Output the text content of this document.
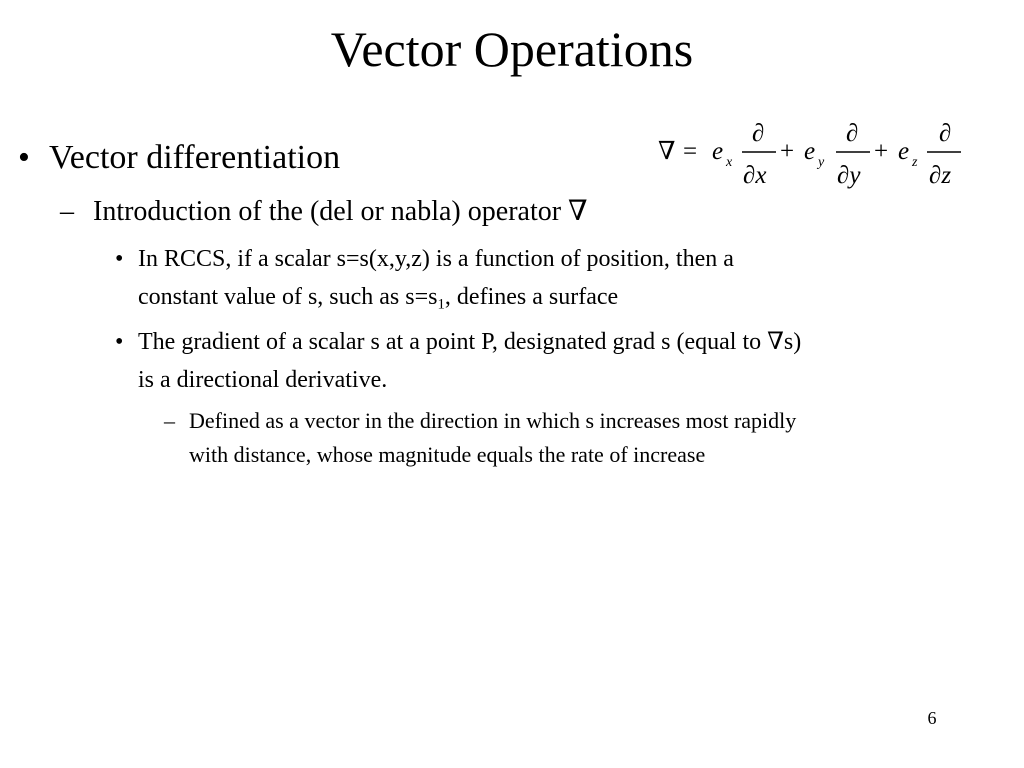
Vector Operations
∇ = e x
∂
∂x
+ e y
∂
∂y
+ e z
∂
∂z
• Vector differentiation
– Introduction of the (del or nabla) operator ∇
• In RCCS, if a scalar s=s(x,y,z) is a function of position, then a
constant value of s, such as $s=s_1$, defines a surface
• The gradient of a scalar s at a point P, designated grad s (equal to ∇s)
is a directional derivative.
– Defined as a vector in the direction in which s increases most rapidly
with distance, whose magnitude equals the rate of increase
6
